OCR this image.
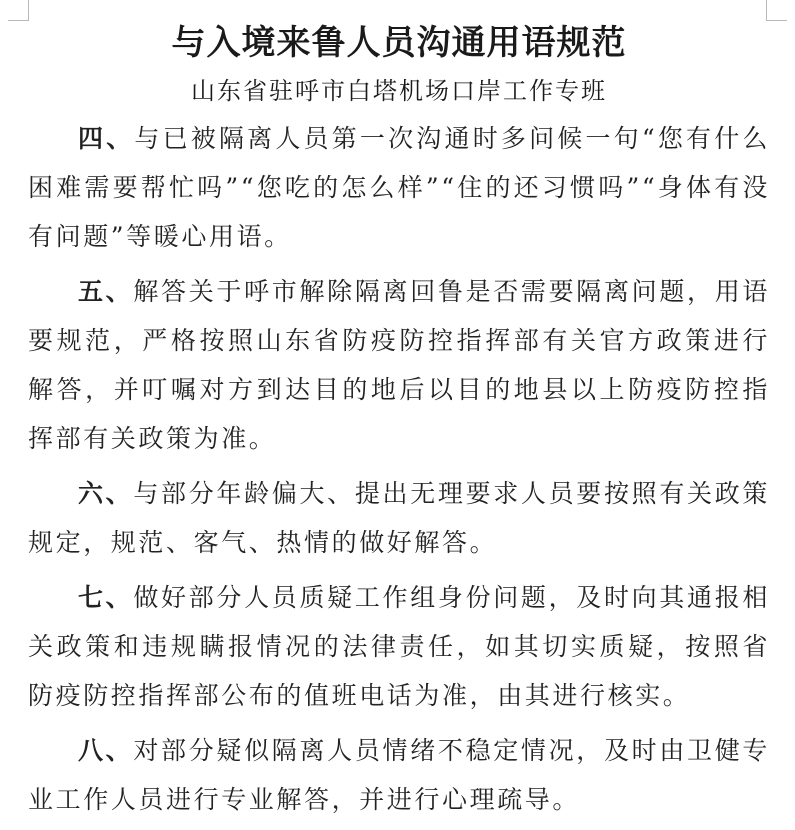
与入境来鲁人员沟通用语规范

山东省驻呼市白塔机场口岸工作专班

四、与已被隔离人员第一次沟通时多问候一句“您有什么困难需要帮忙吗”“您吃的怎么样”“住的还习惯吗”“身体有没有问题”等暖心用语。

五、解答关于呼市解除隔离回鲁是否需要隔离问题，用语要规范，严格按照山东省防疫防控指挥部有关官方政策进行解答，并叮嘱对方到达目的地后以目的地县以上防疫防控指挥部有关政策为准。

六、与部分年龄偏大、提出无理要求人员要按照有关政策规定，规范、客气、热情的做好解答。

七、做好部分人员质疑工作组身份问题，及时向其通报相关政策和违规瞒报情况的法律责任，如其切实质疑，按照省防疫防控指挥部公布的值班电话为准，由其进行核实。

八、对部分疑似隔离人员情绪不稳定情况，及时由卫健专业工作人员进行专业解答，并进行心理疏导。
